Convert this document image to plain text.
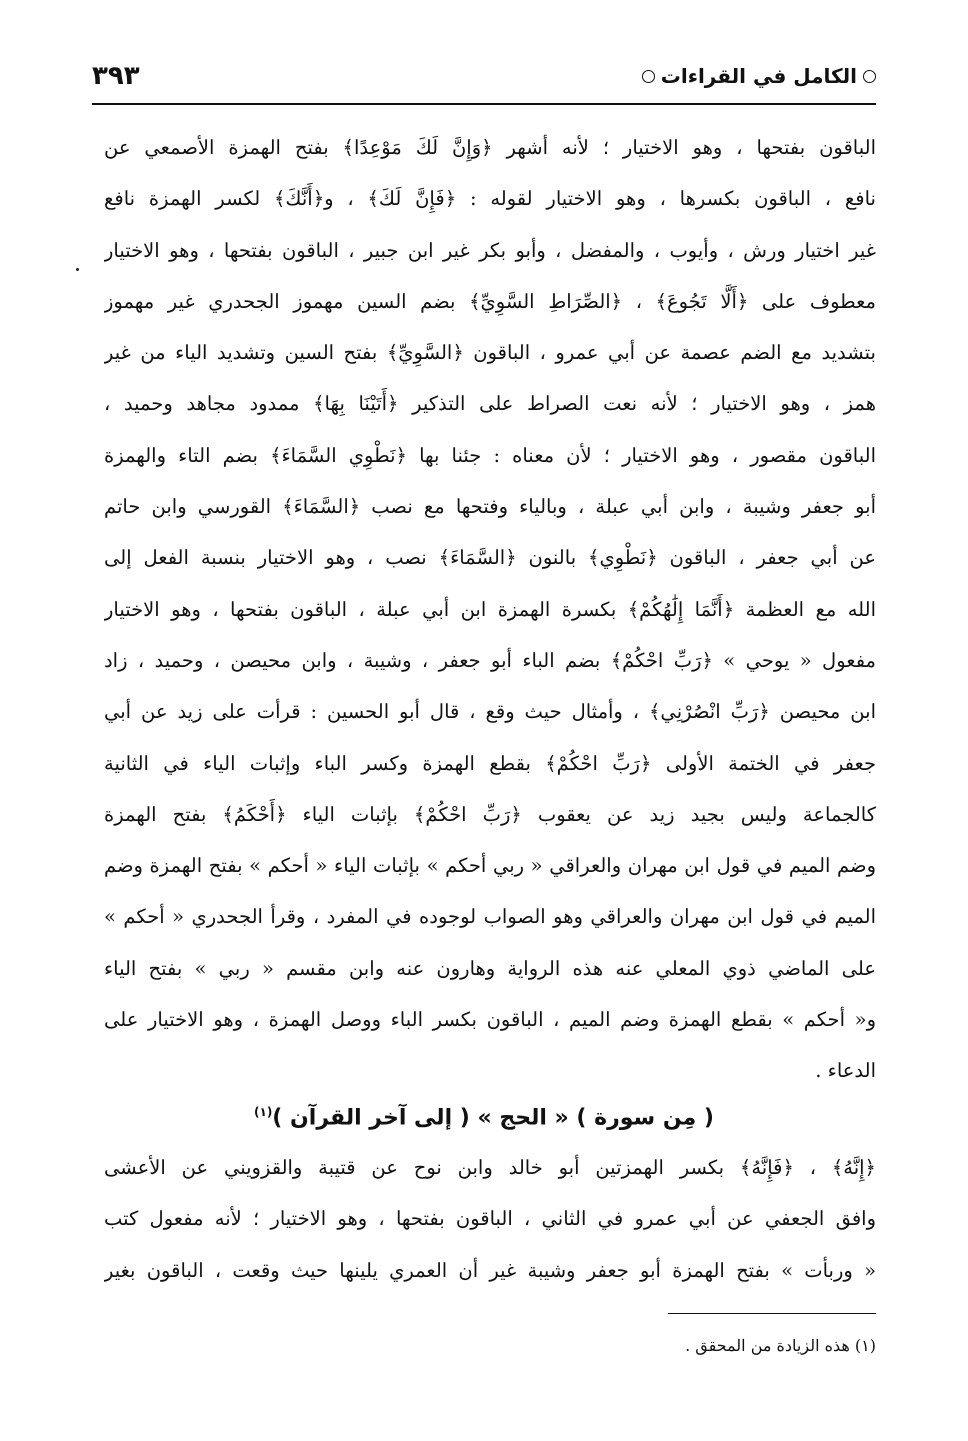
الكامل في القراءات
٣٩٣
الباقون بفتحها ، وهو الاختيار ؛ لأنه أشهر ﴿وَإِنَّ لَكَ مَوْعِدًا﴾ بفتح الهمزة الأصمعي عن
نافع ، الباقون بكسرها ، وهو الاختيار لقوله : ﴿فَإِنَّ لَكَ﴾ ، و﴿أَنَّكَ﴾ لكسر الهمزة نافع
غير اختيار ورش ، وأيوب ، والمفضل ، وأبو بكر غير ابن جبير ، الباقون بفتحها ، وهو الاختيار
معطوف على ﴿أَلَّا تَجُوعَ﴾ ، ﴿الصِّرَاطِ السَّوِيِّ﴾ بضم السين مهموز الجحدري غير مهموز
بتشديد مع الضم عصمة عن أبي عمرو ، الباقون ﴿السَّوِيِّ﴾ بفتح السين وتشديد الياء من غير
همز ، وهو الاختيار ؛ لأنه نعت الصراط على التذكير ﴿أَتَيْنَا بِهَا﴾ ممدود مجاهد وحميد ،
الباقون مقصور ، وهو الاختيار ؛ لأن معناه : جئنا بها ﴿نَطْوِي السَّمَاءَ﴾ بضم التاء والهمزة
أبو جعفر وشيبة ، وابن أبي عبلة ، وبالياء وفتحها مع نصب ﴿السَّمَاءَ﴾ القورسي وابن حاتم
عن أبي جعفر ، الباقون ﴿نَطْوِي﴾ بالنون ﴿السَّمَاءَ﴾ نصب ، وهو الاختيار بنسبة الفعل إلى
الله مع العظمة ﴿أَنَّمَا إِلَٰهُكُمْ﴾ بكسرة الهمزة ابن أبي عبلة ، الباقون بفتحها ، وهو الاختيار
مفعول « يوحي » ﴿رَبِّ احْكُمْ﴾ بضم الباء أبو جعفر ، وشيبة ، وابن محيصن ، وحميد ، زاد
ابن محيصن ﴿رَبِّ انْصُرْنِي﴾ ، وأمثال حيث وقع ، قال أبو الحسين : قرأت على زيد عن أبي
جعفر في الختمة الأولى ﴿رَبِّ احْكُمْ﴾ بقطع الهمزة وكسر الباء وإثبات الياء في الثانية
كالجماعة وليس بجيد زيد عن يعقوب ﴿رَبِّ احْكُمْ﴾ بإثبات الياء ﴿أَحْكَمُ﴾ بفتح الهمزة
وضم الميم في قول ابن مهران والعراقي « ربي أحكم » بإثبات الياء « أحكم » بفتح الهمزة وضم
الميم في قول ابن مهران والعراقي وهو الصواب لوجوده في المفرد ، وقرأ الجحدري « أحكم »
على الماضي ذوي المعلي عنه هذه الرواية وهارون عنه وابن مقسم « ربي » بفتح الياء
و« أحكم » بقطع الهمزة وضم الميم ، الباقون بكسر الباء ووصل الهمزة ، وهو الاختيار على
الدعاء .
( مِن سورة ) « الحج » ( إلى آخر القرآن )$^{(١)}$
﴿إِنَّهُ﴾ ، ﴿فَإِنَّهُ﴾ بكسر الهمزتين أبو خالد وابن نوح عن قتيبة والقزويني عن الأعشى
وافق الجعفي عن أبي عمرو في الثاني ، الباقون بفتحها ، وهو الاختيار ؛ لأنه مفعول كتب
« وربأت » بفتح الهمزة أبو جعفر وشيبة غير أن العمري يلينها حيث وقعت ، الباقون بغير
(١) هذه الزيادة من المحقق .
